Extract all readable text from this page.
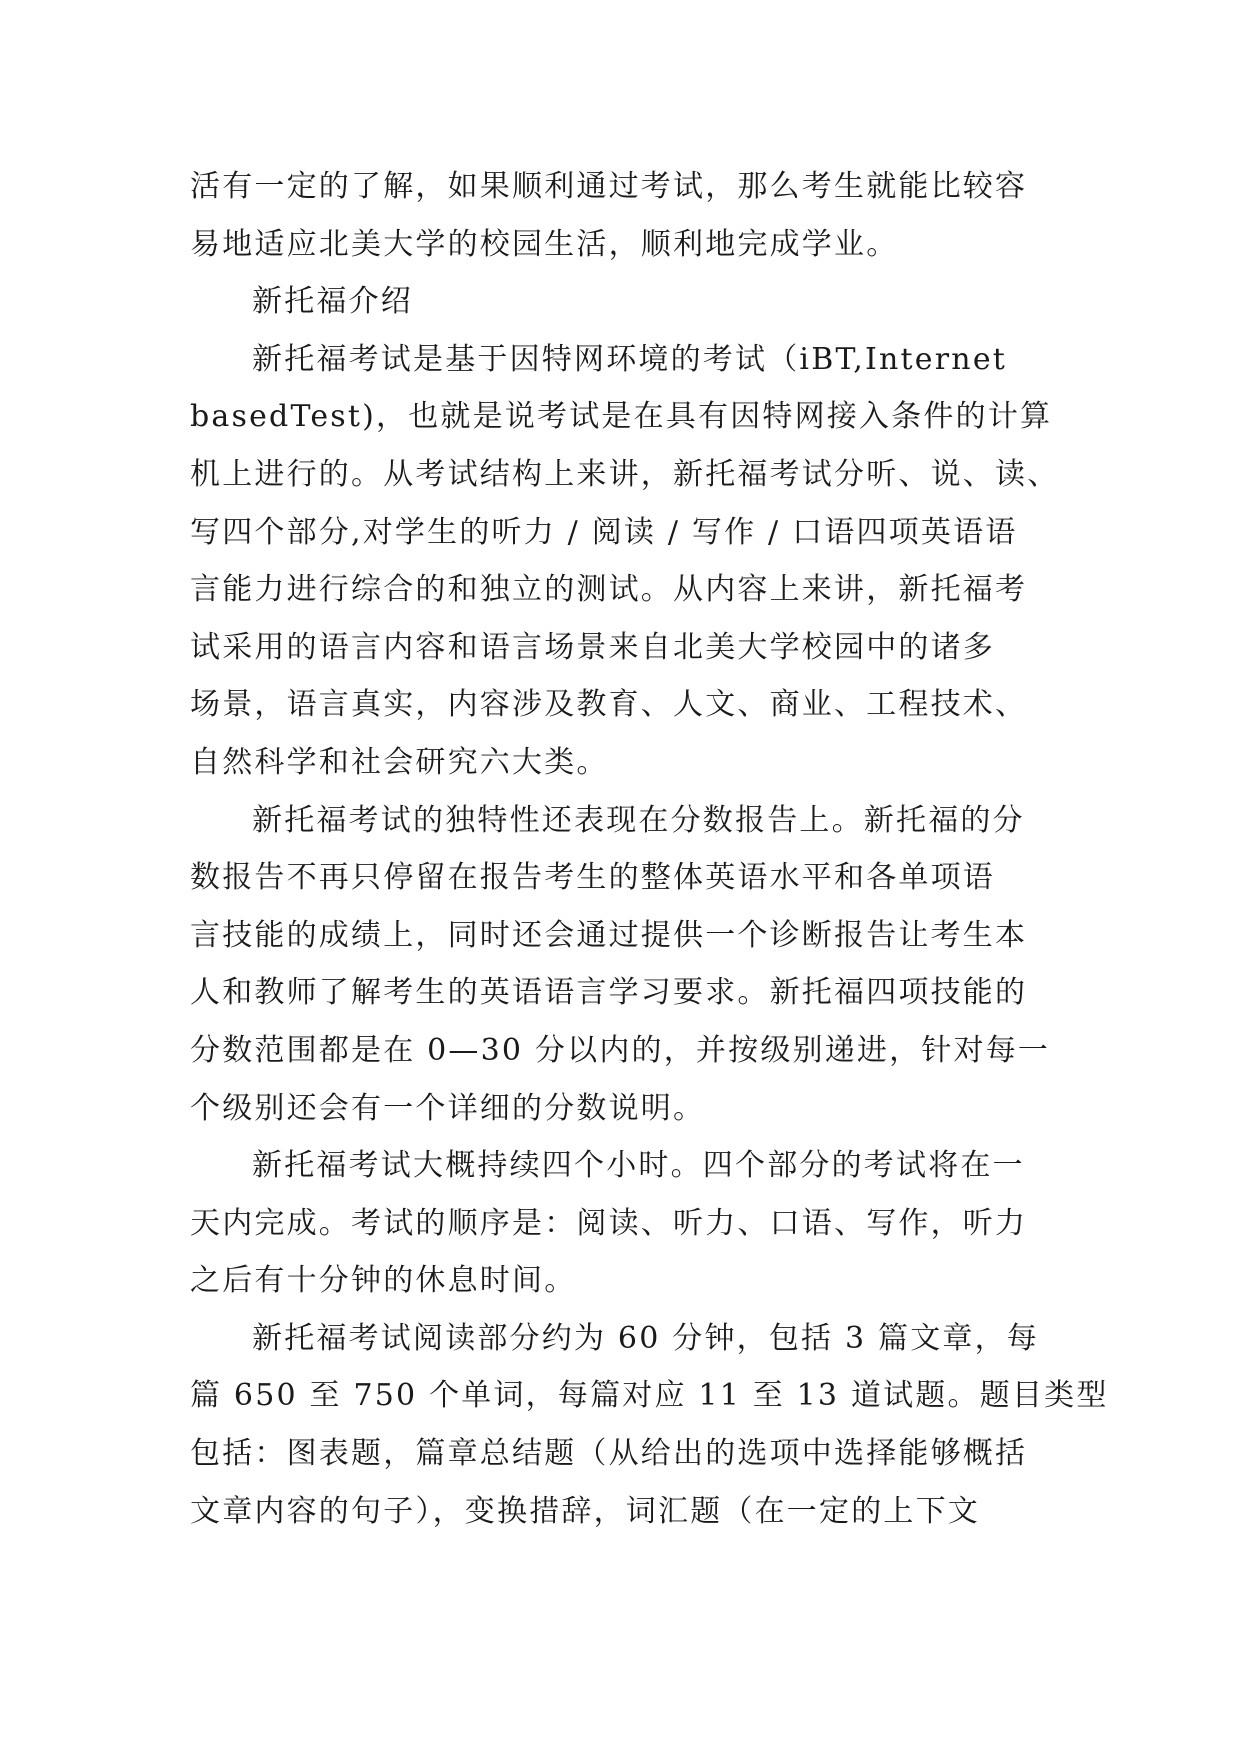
活有一定的了解，如果顺利通过考试，那么考生就能比较容
易地适应北美大学的校园生活，顺利地完成学业。
新托福介绍
新托福考试是基于因特网环境的考试（iBT,Internet
basedTest)，也就是说考试是在具有因特网接入条件的计算
机上进行的。从考试结构上来讲，新托福考试分听、说、读、
写四个部分,对学生的听力 / 阅读 / 写作 / 口语四项英语语
言能力进行综合的和独立的测试。从内容上来讲，新托福考
试采用的语言内容和语言场景来自北美大学校园中的诸多
场景，语言真实，内容涉及教育、人文、商业、工程技术、
自然科学和社会研究六大类。
新托福考试的独特性还表现在分数报告上。新托福的分
数报告不再只停留在报告考生的整体英语水平和各单项语
言技能的成绩上，同时还会通过提供一个诊断报告让考生本
人和教师了解考生的英语语言学习要求。新托福四项技能的
分数范围都是在 0—30 分以内的，并按级别递进，针对每一
个级别还会有一个详细的分数说明。
新托福考试大概持续四个小时。四个部分的考试将在一
天内完成。考试的顺序是：阅读、听力、口语、写作，听力
之后有十分钟的休息时间。
新托福考试阅读部分约为 60 分钟，包括 3 篇文章，每
篇 650 至 750 个单词，每篇对应 11 至 13 道试题。题目类型
包括：图表题，篇章总结题（从给出的选项中选择能够概括
文章内容的句子），变换措辞，词汇题（在一定的上下文
